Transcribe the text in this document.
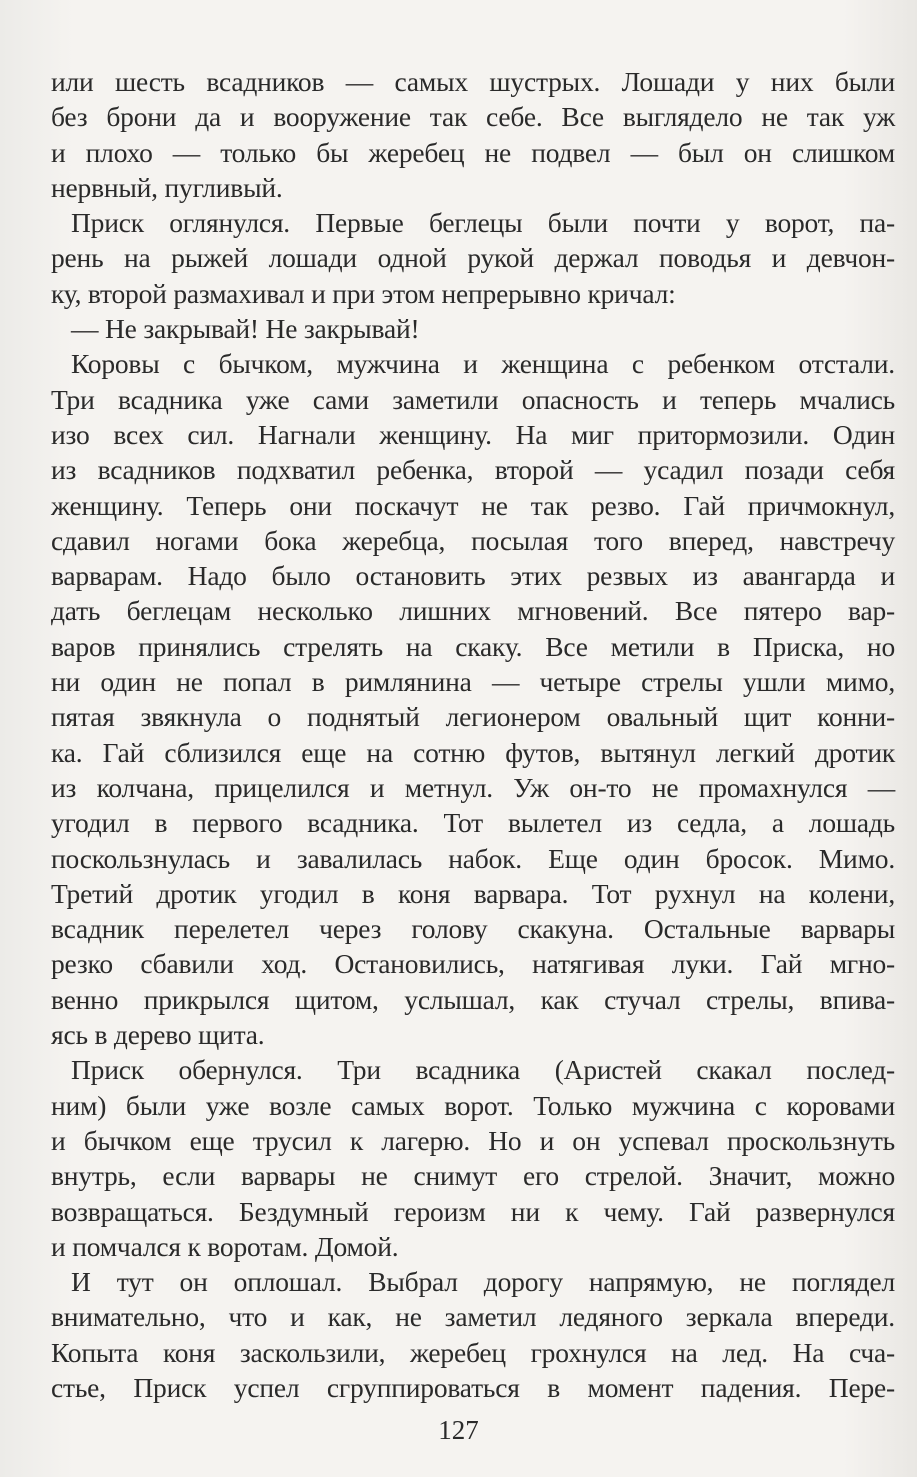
или шесть всадников — самых шустрых. Лошади у них были
без брони да и вооружение так себе. Все выглядело не так уж
и плохо — только бы жеребец не подвел — был он слишком
нервный, пугливый.
Приск оглянулся. Первые беглецы были почти у ворот, па-
рень на рыжей лошади одной рукой держал поводья и девчон-
ку, второй размахивал и при этом непрерывно кричал:
— Не закрывай! Не закрывай!
Коровы с бычком, мужчина и женщина с ребенком отстали.
Три всадника уже сами заметили опасность и теперь мчались
изо всех сил. Нагнали женщину. На миг притормозили. Один
из всадников подхватил ребенка, второй — усадил позади себя
женщину. Теперь они поскачут не так резво. Гай причмокнул,
сдавил ногами бока жеребца, посылая того вперед, навстречу
варварам. Надо было остановить этих резвых из авангарда и
дать беглецам несколько лишних мгновений. Все пятеро вар-
варов принялись стрелять на скаку. Все метили в Приска, но
ни один не попал в римлянина — четыре стрелы ушли мимо,
пятая звякнула о поднятый легионером овальный щит конни-
ка. Гай сблизился еще на сотню футов, вытянул легкий дротик
из колчана, прицелился и метнул. Уж он-то не промахнулся —
угодил в первого всадника. Тот вылетел из седла, а лошадь
поскользнулась и завалилась набок. Еще один бросок. Мимо.
Третий дротик угодил в коня варвара. Тот рухнул на колени,
всадник перелетел через голову скакуна. Остальные варвары
резко сбавили ход. Остановились, натягивая луки. Гай мгно-
венно прикрылся щитом, услышал, как стучал стрелы, впива-
ясь в дерево щита.
Приск обернулся. Три всадника (Аристей скакал послед-
ним) были уже возле самых ворот. Только мужчина с коровами
и бычком еще трусил к лагерю. Но и он успевал проскользнуть
внутрь, если варвары не снимут его стрелой. Значит, можно
возвращаться. Бездумный героизм ни к чему. Гай развернулся
и помчался к воротам. Домой.
И тут он оплошал. Выбрал дорогу напрямую, не поглядел
внимательно, что и как, не заметил ледяного зеркала впереди.
Копыта коня заскользили, жеребец грохнулся на лед. На сча-
стье, Приск успел сгруппироваться в момент падения. Пере-
127
